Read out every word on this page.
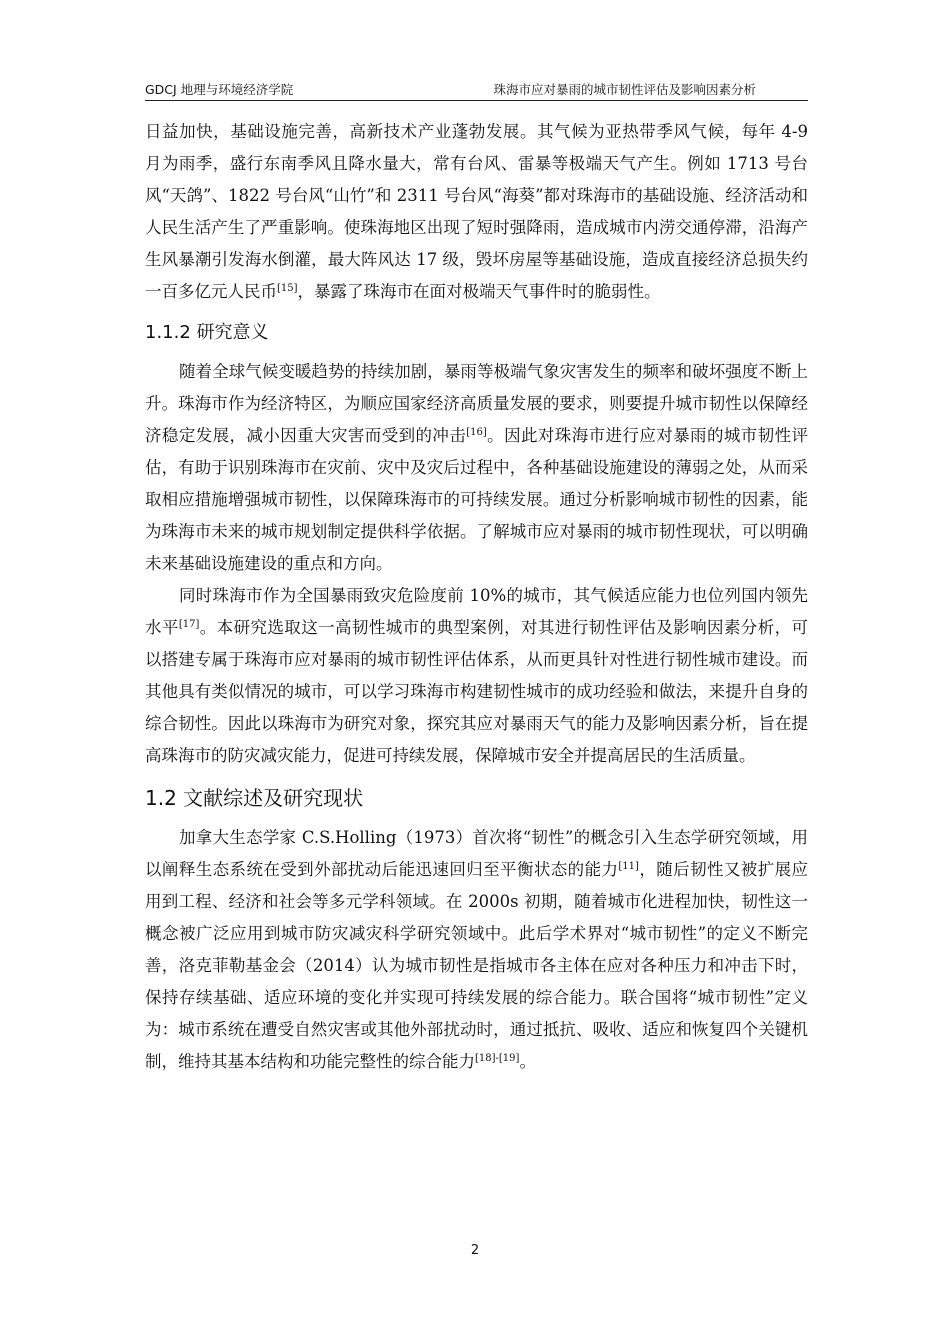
GDCJ 地理与环境经济学院	珠海市应对暴雨的城市韧性评估及影响因素分析

日益加快，基础设施完善，高新技术产业蓬勃发展。其气候为亚热带季风气候，每年 4-9 月为雨季，盛行东南季风且降水量大，常有台风、雷暴等极端天气产生。例如 1713 号台风“天鸽”、1822 号台风“山竹”和 2311 号台风“海葵”都对珠海市的基础设施、经济活动和人民生活产生了严重影响。使珠海地区出现了短时强降雨，造成城市内涝交通停滞，沿海产生风暴潮引发海水倒灌，最大阵风达 17 级，毁坏房屋等基础设施，造成直接经济总损失约一百多亿元人民币[15]，暴露了珠海市在面对极端天气事件时的脆弱性。

1.1.2 研究意义

随着全球气候变暖趋势的持续加剧，暴雨等极端气象灾害发生的频率和破坏强度不断上升。珠海市作为经济特区，为顺应国家经济高质量发展的要求，则要提升城市韧性以保障经济稳定发展，减小因重大灾害而受到的冲击[16]。因此对珠海市进行应对暴雨的城市韧性评估，有助于识别珠海市在灾前、灾中及灾后过程中，各种基础设施建设的薄弱之处，从而采取相应措施增强城市韧性，以保障珠海市的可持续发展。通过分析影响城市韧性的因素，能为珠海市未来的城市规划制定提供科学依据。了解城市应对暴雨的城市韧性现状，可以明确未来基础设施建设的重点和方向。

同时珠海市作为全国暴雨致灾危险度前 10%的城市，其气候适应能力也位列国内领先水平[17]。本研究选取这一高韧性城市的典型案例，对其进行韧性评估及影响因素分析，可以搭建专属于珠海市应对暴雨的城市韧性评估体系，从而更具针对性进行韧性城市建设。而其他具有类似情况的城市，可以学习珠海市构建韧性城市的成功经验和做法，来提升自身的综合韧性。因此以珠海市为研究对象，探究其应对暴雨天气的能力及影响因素分析，旨在提高珠海市的防灾减灾能力，促进可持续发展，保障城市安全并提高居民的生活质量。

1.2 文献综述及研究现状

加拿大生态学家 C.S.Holling（1973）首次将“韧性”的概念引入生态学研究领域，用以阐释生态系统在受到外部扰动后能迅速回归至平衡状态的能力[11]，随后韧性又被扩展应用到工程、经济和社会等多元学科领域。在 2000s 初期，随着城市化进程加快，韧性这一概念被广泛应用到城市防灾减灾科学研究领域中。此后学术界对“城市韧性”的定义不断完善，洛克菲勒基金会（2014）认为城市韧性是指城市各主体在应对各种压力和冲击下时，保持存续基础、适应环境的变化并实现可持续发展的综合能力。联合国将“城市韧性”定义为：城市系统在遭受自然灾害或其他外部扰动时，通过抵抗、吸收、适应和恢复四个关键机制，维持其基本结构和功能完整性的综合能力[18]-[19]。

2
